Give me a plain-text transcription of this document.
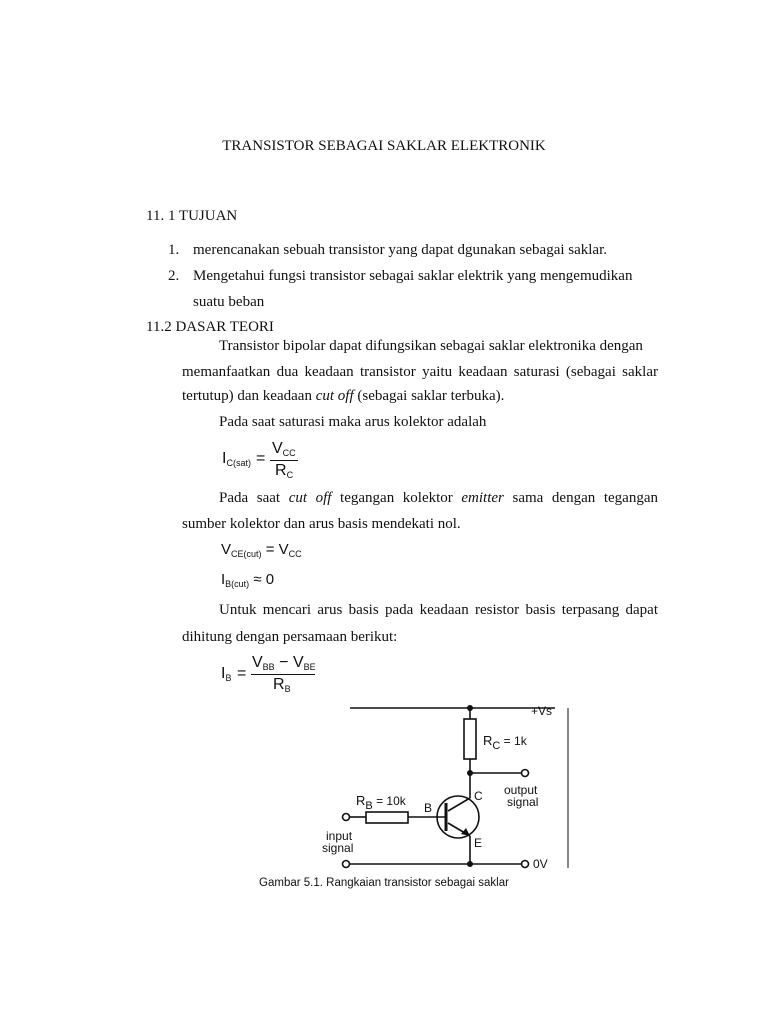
TRANSISTOR SEBAGAI SAKLAR ELEKTRONIK
11. 1 TUJUAN
1. merencanakan sebuah transistor yang dapat dgunakan sebagai saklar.
2. Mengetahui fungsi transistor sebagai saklar elektrik yang mengemudikan
suatu beban
11.2 DASAR TEORI
Transistor bipolar dapat difungsikan sebagai saklar elektronika dengan
memanfaatkan dua keadaan transistor yaitu keadaan saturasi (sebagai saklar
tertutup) dan keadaan cut off (sebagai saklar terbuka).
Pada saat saturasi maka arus kolektor adalah
$I_{C(sat)}$ =
$V_{CC}$
$R_C$
Pada saat cut off tegangan kolektor emitter sama dengan tegangan
sumber kolektor dan arus basis mendekati nol.
$V_{CE(cut)} = V_{CC}$
$I_{B(cut)} \approx 0$
Untuk mencari arus basis pada keadaan resistor basis terpasang dapat
dihitung dengan persamaan berikut:
$I_B$ =
$V_{BB} - V_{BE}$
$R_B$
+Vs
$R_C = 1k$
$R_B = 10k$ B
C
E
output
signal
input
signal
0V
Gambar 5.1. Rangkaian transistor sebagai saklar
